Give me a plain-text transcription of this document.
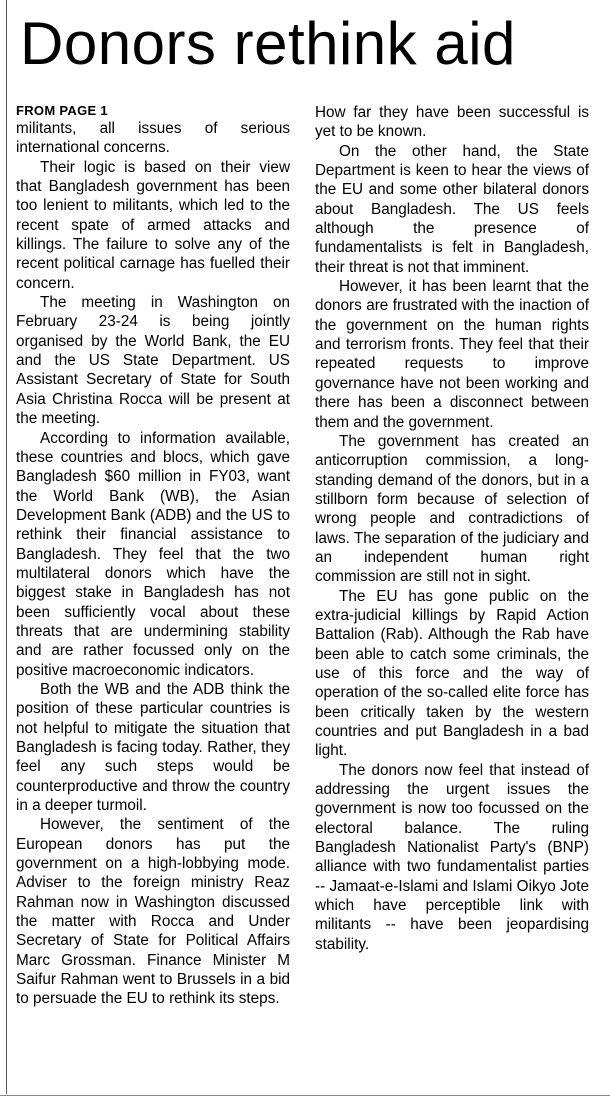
Donors rethink aid

FROM PAGE 1

militants, all issues of serious international concerns.

Their logic is based on their view that Bangladesh government has been too lenient to militants, which led to the recent spate of armed attacks and killings. The failure to solve any of the recent political carnage has fuelled their concern.

The meeting in Washington on February 23-24 is being jointly organised by the World Bank, the EU and the US State Department. US Assistant Secretary of State for South Asia Christina Rocca will be present at the meeting.

According to information available, these countries and blocs, which gave Bangladesh $60 million in FY03, want the World Bank (WB), the Asian Development Bank (ADB) and the US to rethink their financial assistance to Bangladesh. They feel that the two multilateral donors which have the biggest stake in Bangladesh has not been sufficiently vocal about these threats that are undermining stability and are rather focussed only on the positive macroeconomic indicators.

Both the WB and the ADB think the position of these particular countries is not helpful to mitigate the situation that Bangladesh is facing today. Rather, they feel any such steps would be counterproductive and throw the country in a deeper turmoil.

However, the sentiment of the European donors has put the government on a high-lobbying mode. Adviser to the foreign ministry Reaz Rahman now in Washington discussed the matter with Rocca and Under Secretary of State for Political Affairs Marc Grossman. Finance Minister M Saifur Rahman went to Brussels in a bid to persuade the EU to rethink its steps.

How far they have been successful is yet to be known.

On the other hand, the State Department is keen to hear the views of the EU and some other bilateral donors about Bangladesh. The US feels although the presence of fundamentalists is felt in Bangladesh, their threat is not that imminent.

However, it has been learnt that the donors are frustrated with the inaction of the government on the human rights and terrorism fronts. They feel that their repeated requests to improve governance have not been working and there has been a disconnect between them and the government.

The government has created an anticorruption commission, a long-standing demand of the donors, but in a stillborn form because of selection of wrong people and contradictions of laws. The separation of the judiciary and an independent human right commission are still not in sight.

The EU has gone public on the extra-judicial killings by Rapid Action Battalion (Rab). Although the Rab have been able to catch some criminals, the use of this force and the way of operation of the so-called elite force has been critically taken by the western countries and put Bangladesh in a bad light.

The donors now feel that instead of addressing the urgent issues the government is now too focussed on the electoral balance. The ruling Bangladesh Nationalist Party's (BNP) alliance with two fundamentalist parties -- Jamaat-e-Islami and Islami Oikyo Jote which have perceptible link with militants -- have been jeopardising stability.
